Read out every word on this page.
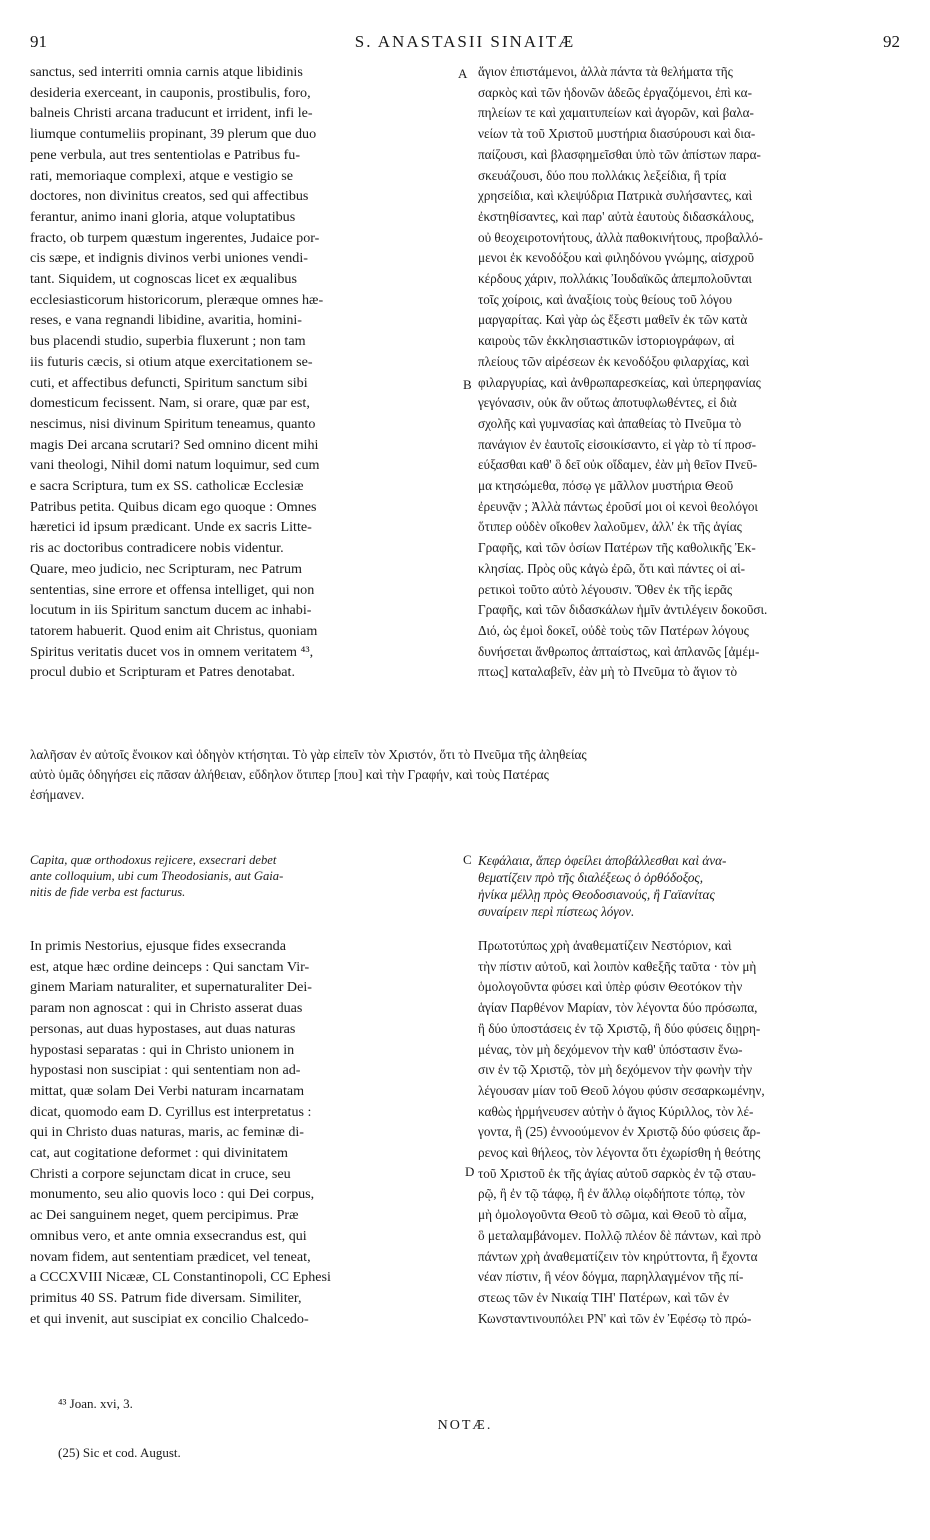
91	S. ANASTASII SINAITÆ	92
sanctus, sed interriti omnia carnis atque libidinis
desideria exerceant, in cauponis, prostibulis, foro,
balneis Christi arcana traducunt et irrident, infi le-
liumque contumeliis propinant, 39 plerum que duo
pene verbula, aut tres sententiolas e Patribus fu-
rati, memoriaque complexi, atque e vestigio se
doctores, non divinitus creatos, sed qui affectibus
ferantur, animo inani gloria, atque voluptatibus
fracto, ob turpem quæstum ingerentes, Judaice por-
cis sæpe, et indignis divinos verbi uniones vendi-
tant. Siquidem, ut cognoscas licet ex æqualibus
ecclesiasticorum historicorum, pleræque omnes hæ-
reses, e vana regnandi libidine, avaritia, homini-
bus placendi studio, superbia fluxerunt ; non tam
iis futuris cæcis, si otium atque exercitationem se-
cuti, et affectibus defuncti, Spiritum sanctum sibi
domesticum fecissent. Nam, si orare, quæ par est,
nescimus, nisi divinum Spiritum teneamus, quanto
magis Dei arcana scrutari? Sed omnino dicent mihi
vani theologi, Nihil domi natum loquimur, sed cum
e sacra Scriptura, tum ex SS. catholicæ Ecclesiæ
Patribus petita. Quibus dicam ego quoque : Omnes
hæretici id ipsum prædicant. Unde ex sacris Litte-
ris ac doctoribus contradicere nobis videntur.
Quare, meo judicio, nec Scripturam, nec Patrum
sententias, sine errore et offensa intelliget, qui non
locutum in iis Spiritum sanctum ducem ac inhabi-
tatorem habuerit. Quod enim ait Christus, quoniam
Spiritus veritatis ducet vos in omnem veritatem ⁴³,
procul dubio et Scripturam et Patres denotabat.
ἅγιον ἐπιστάμενοι, ἀλλὰ πάντα τὰ θελήματα τῆς
σαρκὸς καὶ τῶν ἡδονῶν ἀδεῶς ἐργαζόμενοι, ἐπὶ κα-
πηλείων τε καὶ χαμαιτυπείων καὶ ἀγορῶν, καὶ βαλα-
νείων τὰ τοῦ Χριστοῦ μυστήρια διασύρουσι καὶ δια-
παίζουσι, καὶ βλασφημεῖσθαι ὑπὸ τῶν ἀπίστων παρα-
σκευάζουσι, δύο που πολλάκις λεξείδια, ἢ τρία
χρησείδια, καὶ κλεψύδρια Πατρικὰ συλήσαντες, καὶ
ἐκστηθίσαντες, καὶ παρ' αὐτὰ ἑαυτοὺς διδασκάλους,
οὐ θεοχειροτονήτους, ἀλλὰ παθοκινήτους, προβαλλό-
μενοι ἐκ κενοδόξου καὶ φιληδόνου γνώμης, αἰσχροῦ
κέρδους χάριν, πολλάκις Ἰουδαϊκῶς ἀπεμπολοῦνται
τοῖς χοίροις, καὶ ἀναξίοις τοὺς θείους τοῦ λόγου
μαργαρίτας. Καὶ γὰρ ὡς ἔξεστι μαθεῖν ἐκ τῶν κατὰ
καιροὺς τῶν ἐκκλησιαστικῶν ἱστοριογράφων, αἱ
πλείους τῶν αἱρέσεων ἐκ κενοδόξου φιλαρχίας, καὶ
φιλαργυρίας, καὶ ἀνθρωπαρεσκείας, καὶ ὑπερηφανίας
γεγόνασιν, οὐκ ἂν οὕτως ἀποτυφλωθέντες, εἰ διὰ
σχολῆς καὶ γυμνασίας καὶ ἀπαθείας τὸ Πνεῦμα τὸ
πανάγιον ἐν ἑαυτοῖς εἰσοικίσαντο, εἰ γὰρ τὸ τί προσ-
εύξασθαι καθ' ὃ δεῖ οὐκ οἴδαμεν, ἐὰν μὴ θεῖον Πνεῦ-
μα κτησώμεθα, πόσῳ γε μᾶλλον μυστήρια Θεοῦ
ἐρευνᾷν ; Ἀλλὰ πάντως ἐροῦσί μοι οἱ κενοὶ θεολόγοι
ὅτιπερ οὐδὲν οἴκοθεν λαλοῦμεν, ἀλλ' ἐκ τῆς ἁγίας
Γραφῆς, καὶ τῶν ὁσίων Πατέρων τῆς καθολικῆς Ἐκ-
κλησίας. Πρὸς οὓς κἀγὼ ἐρῶ, ὅτι καὶ πάντες οἱ αἱ-
ρετικοὶ τοῦτο αὐτὸ λέγουσιν. Ὅθεν ἐκ τῆς ἱερᾶς
Γραφῆς, καὶ τῶν διδασκάλων ἡμῖν ἀντιλέγειν δοκοῦσι.
Διό, ὡς ἐμοὶ δοκεῖ, οὐδὲ τοὺς τῶν Πατέρων λόγους
δυνήσεται ἄνθρωπος ἀπταίστως, καὶ ἀπλανῶς [ἀμέμ-
πτως] καταλαβεῖν, ἐὰν μὴ τὸ Πνεῦμα τὸ ἅγιον τὸ
λαλῆσαν ἐν αὐτοῖς ἔνοικον καὶ ὁδηγὸν κτήσηται. Τὸ γὰρ εἰπεῖν τὸν Χριστόν, ὅτι τὸ Πνεῦμα τῆς ἀληθείας
αὐτὸ ὑμᾶς ὁδηγήσει εἰς πᾶσαν ἀλήθειαν, εὔδηλον ὅτιπερ [που] καὶ τὴν Γραφήν, καὶ τοὺς Πατέρας
ἐσήμανεν.
Capita, quæ orthodoxus rejicere, exsecrari debet
ante colloquium, ubi cum Theodosianis, aut Gaia-
nitis de fide verba est facturus.
Κεφάλαια, ἅπερ ὀφείλει ἀποβάλλεσθαι καὶ ἀνα-
θεματίζειν πρὸ τῆς διαλέξεως ὁ ὀρθόδοξος,
ἡνίκα μέλλῃ πρὸς Θεοδοσιανούς, ἢ Γαϊανίτας
συναίρειν περὶ πίστεως λόγον.
In primis Nestorius, ejusque fides exsecranda
est, atque hæc ordine deinceps : Qui sanctam Vir-
ginem Mariam naturaliter, et supernaturaliter Dei-
param non agnoscat : qui in Christo asserat duas
personas, aut duas hypostases, aut duas naturas
hypostasi separatas : qui in Christo unionem in
hypostasi non suscipiat : qui sententiam non ad-
mittat, quæ solam Dei Verbi naturam incarnatam
dicat, quomodo eam D. Cyrillus est interpretatus :
qui in Christo duas naturas, maris, ac feminæ di-
cat, aut cogitatione deformet : qui divinitatem
Christi a corpore sejunctam dicat in cruce, seu
monumento, seu alio quovis loco : qui Dei corpus,
ac Dei sanguinem neget, quem percipimus. Præ
omnibus vero, et ante omnia exsecrandus est, qui
novam fidem, aut sententiam prædicet, vel teneat,
a CCCXVIII Nicææ, CL Constantinopoli, CC Ephesi
primitus 40 SS. Patrum fide diversam. Similiter,
et qui invenit, aut suscipiat ex concilio Chalcedo-
Πρωτοτύπως χρὴ ἀναθεματίζειν Νεστόριον, καὶ
τὴν πίστιν αὐτοῦ, καὶ λοιπὸν καθεξῆς ταῦτα · τὸν μὴ
ὁμολογοῦντα φύσει καὶ ὑπὲρ φύσιν Θεοτόκον τὴν
ἁγίαν Παρθένον Μαρίαν, τὸν λέγοντα δύο πρόσωπα,
ἢ δύο ὑποστάσεις ἐν τῷ Χριστῷ, ἢ δύο φύσεις διῃρη-
μένας, τὸν μὴ δεχόμενον τὴν καθ' ὑπόστασιν ἕνω-
σιν ἐν τῷ Χριστῷ, τὸν μὴ δεχόμενον τὴν φωνὴν τὴν
λέγουσαν μίαν τοῦ Θεοῦ λόγου φύσιν σεσαρκωμένην,
καθὼς ἡρμήνευσεν αὐτὴν ὁ ἅγιος Κύριλλος, τὸν λέ-
γοντα, ἢ (25) ἐννοούμενον ἐν Χριστῷ δύο φύσεις ἄρ-
ρενος καὶ θήλεος, τὸν λέγοντα ὅτι ἐχωρίσθη ἡ θεότης
τοῦ Χριστοῦ ἐκ τῆς ἁγίας αὐτοῦ σαρκὸς ἐν τῷ σταυ-
ρῷ, ἢ ἐν τῷ τάφῳ, ἢ ἐν ἄλλῳ οἱῳδήποτε τόπῳ, τὸν
μὴ ὁμολογοῦντα Θεοῦ τὸ σῶμα, καὶ Θεοῦ τὸ αἷμα,
ὃ μεταλαμβάνομεν. Πολλῷ πλέον δὲ πάντων, καὶ πρὸ
πάντων χρὴ ἀναθεματίζειν τὸν κηρύττοντα, ἢ ἔχοντα
νέαν πίστιν, ἢ νέον δόγμα, παρηλλαγμένον τῆς πί-
στεως τῶν ἐν Νικαίᾳ ΤΙΗ' Πατέρων, καὶ τῶν ἐν
Κωνσταντινουπόλει ΡΝ' καὶ τῶν ἐν Ἐφέσῳ τὸ πρώ-
A
B
C
D
⁴³ Joan. xvi, 3.
NOTÆ.
(25) Sic et cod. August.
